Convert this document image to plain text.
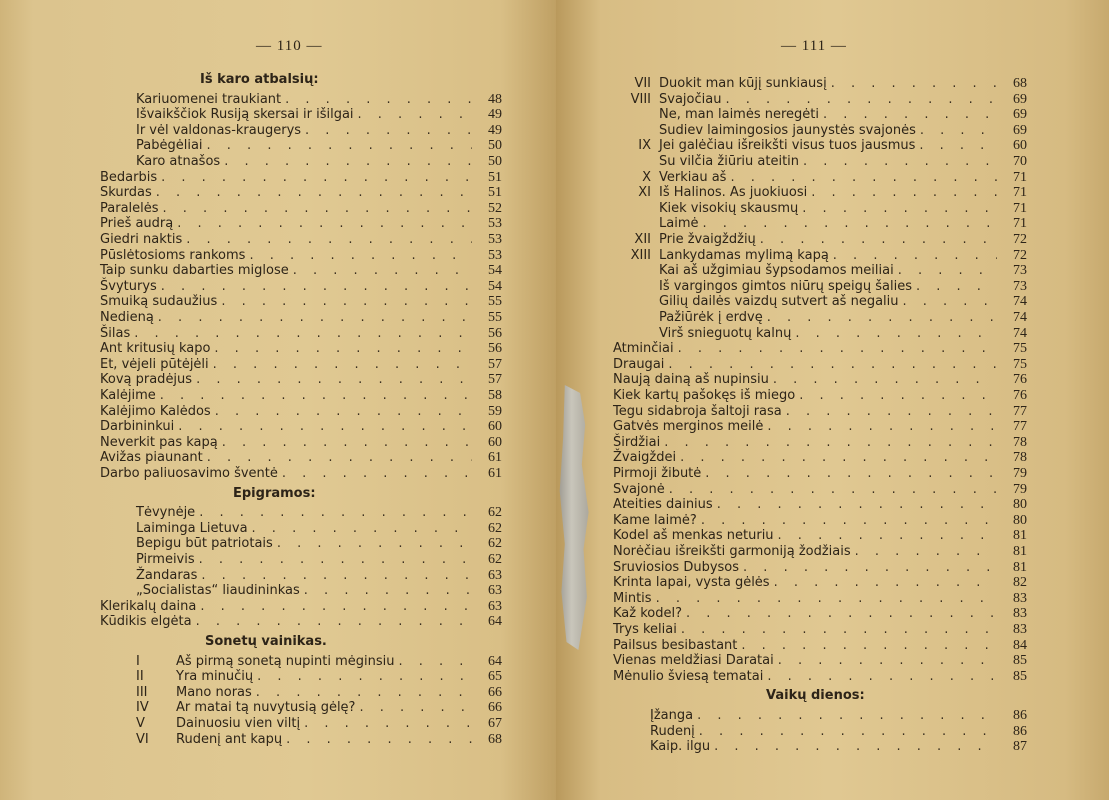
— 110 —
Iš karo atbalsių:
Kariuomenei traukiant . . .	48
Išvaikščiok Rusiją skersai ir išilgai . . .	49
Ir vėl valdonas-kraugerys . . .	49
Pabėgėliai . . .	50
Karo atnašos . . .	50
Bedarbis . . .	51
Skurdas . . .	51
Paralelės . . .	52
Prieš audrą . . .	53
Giedri naktis . . .	53
Pūslėtosioms rankoms . . .	53
Taip sunku dabarties miglose . . .	54
Švyturys . . .	54
Smuiką sudaužius . . .	55
Nedieną . . .	55
Šilas . . .	56
Ant kritusių kapo . . .	56
Et, vėjeli pūtėjėli . . .	57
Kovą pradėjus . . .	57
Kalėjime . . .	58
Kalėjimo Kalėdos . . .	59
Darbininkui . . .	60
Neverkit pas kapą . . .	60
Avižas piaunant . . .	61
Darbo paliuosavimo šventė . . .	61
Epigramos:
Tėvynėje . . .	62
Laiminga Lietuva . . .	62
Bepigu būt patriotais . . .	62
Pirmeivis . . .	62
Žandaras . . .	63
„Socialistas“ liaudininkas . . .	63
Klerikalų daina . . .	63
Kūdikis elgėta . . .	64
Sonetų vainikas.
I	Aš pirmą sonetą nupinti mėginsiu . . .	64
II	Yra minučių . . .	65
III	Mano noras . . .	66
IV	Ar matai tą nuvytusią gėlę? . . .	66
V	Dainuosiu vien viltį . . .	67
VI	Rudenį ant kapų . . .	68
— 111 —
VII Duokit man kūjį sunkiausį . . .	68
VIII Svajočiau . . .	69
Ne, man laimės neregėti . . .	69
Sudiev laimingosios jaunystės svajonės . . .	69
IX Jei galėčiau išreikšti visus tuos jausmus . . .	60
Su vilčia žiūriu ateitin . . .	70
X Verkiau aš . . .	71
XI Iš Halinos. As juokiuosi . . .	71
Kiek visokių skausmų . . .	71
Laimė . . .	71
XII Prie žvaigždžių . . .	72
XIII Lankydamas mylimą kapą . . .	72
Kai aš užgimiau šypsodamos meiliai . . .	73
Iš vargingos gimtos niūrų speigų šalies . . .	73
Gilių dailės vaizdų sutvert aš negaliu . . .	74
Pažiūrėk į erdvę . . .	74
Virš snieguotų kalnų . . .	74
Atminčiai . . .	75
Draugai . . .	75
Naują dainą aš nupinsiu . . .	76
Kiek kartų pašokęs iš miego . . .	76
Tegu sidabroja šaltoji rasa . . .	77
Gatvės merginos meilė . . .	77
Širdžiai . . .	78
Žvaigždei . . .	78
Pirmoji žibutė . . .	79
Svajonė . . .	79
Ateities dainius . . .	80
Kame laimė? . . .	80
Kodel aš menkas neturiu . . .	81
Norėčiau išreikšti garmoniją žodžiais . . .	81
Sruviosios Dubysos . . .	81
Krinta lapai, vysta gėlės . . .	82
Mintis . . .	83
Kaž kodel? . . .	83
Trys keliai . . .	83
Pailsus besibastant . . .	84
Vienas meldžiasi Daratai . . .	85
Mėnulio šviesą tematai . . .	85
Vaikų dienos:
Įžanga . . .	86
Rudenį . . .	86
Kaip. ilgu . . .	87
